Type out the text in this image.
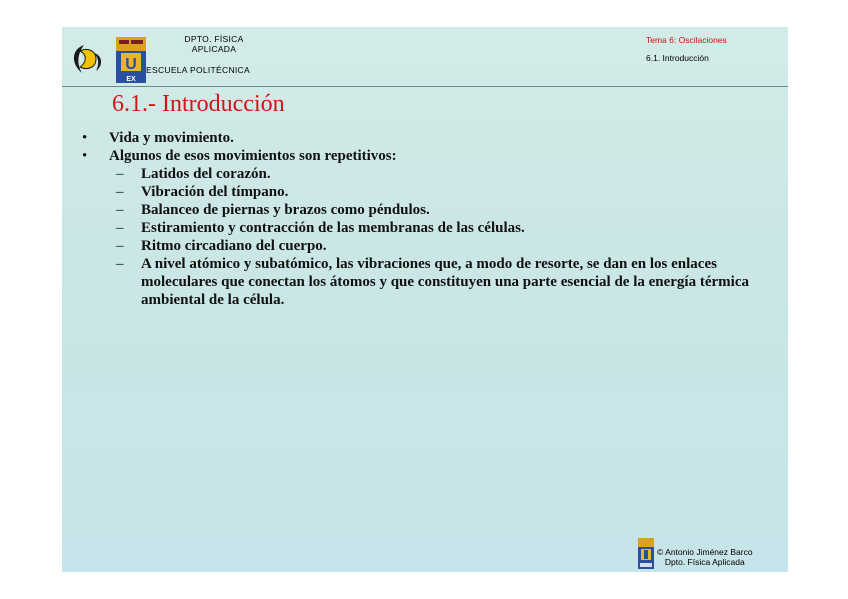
U
EX
DPTO. FÍSICA
APLICADA
ESCUELA POLITÉCNICA
Tema 6: Oscilaciones
6.1. Introducción
6.1.- Introducción
• Vida y movimiento.
• Algunos de esos movimientos son repetitivos:
– Latidos del corazón.
– Vibración del tímpano.
– Balanceo de piernas y brazos como péndulos.
– Estiramiento y contracción de las membranas de las células.
– Ritmo circadiano del cuerpo.
– A nivel atómico y subatómico, las vibraciones que, a modo de resorte, se dan en los enlaces moleculares que conectan los átomos y que constituyen una parte esencial de la energía térmica ambiental de la célula.
© Antonio Jiménez Barco
Dpto. Física Aplicada
